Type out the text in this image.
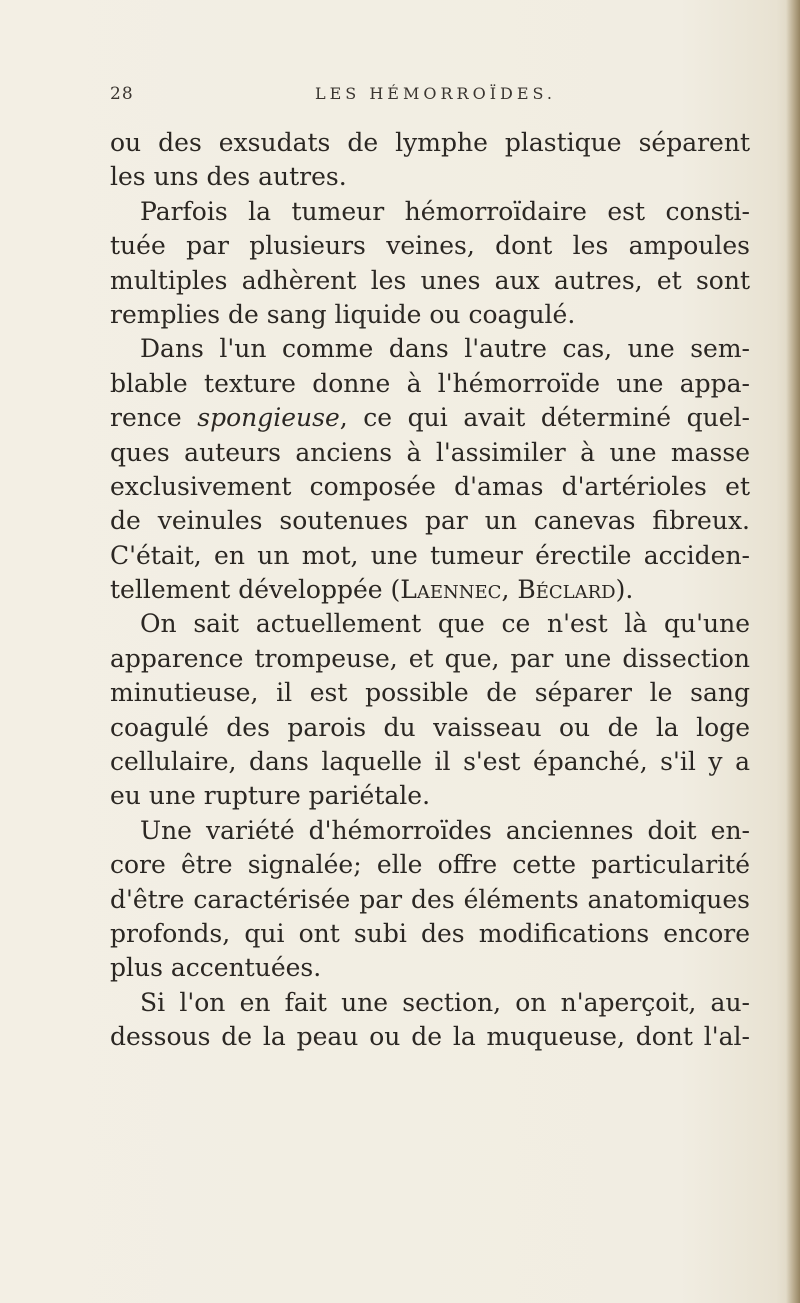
28	LES HÉMORROÏDES.
ou des exsudats de lymphe plastique séparent
les uns des autres.
Parfois la tumeur hémorroïdaire est consti-
tuée par plusieurs veines, dont les ampoules
multiples adhèrent les unes aux autres, et sont
remplies de sang liquide ou coagulé.
Dans l'un comme dans l'autre cas, une sem-
blable texture donne à l'hémorroïde une appa-
rence spongieuse, ce qui avait déterminé quel-
ques auteurs anciens à l'assimiler à une masse
exclusivement composée d'amas d'artérioles et
de veinules soutenues par un canevas fibreux.
C'était, en un mot, une tumeur érectile acciden-
tellement développée (Laennec, Béclard).
On sait actuellement que ce n'est là qu'une
apparence trompeuse, et que, par une dissection
minutieuse, il est possible de séparer le sang
coagulé des parois du vaisseau ou de la loge
cellulaire, dans laquelle il s'est épanché, s'il y a
eu une rupture pariétale.
Une variété d'hémorroïdes anciennes doit en-
core être signalée; elle offre cette particularité
d'être caractérisée par des éléments anatomiques
profonds, qui ont subi des modifications encore
plus accentuées.
Si l'on en fait une section, on n'aperçoit, au-
dessous de la peau ou de la muqueuse, dont l'al-
